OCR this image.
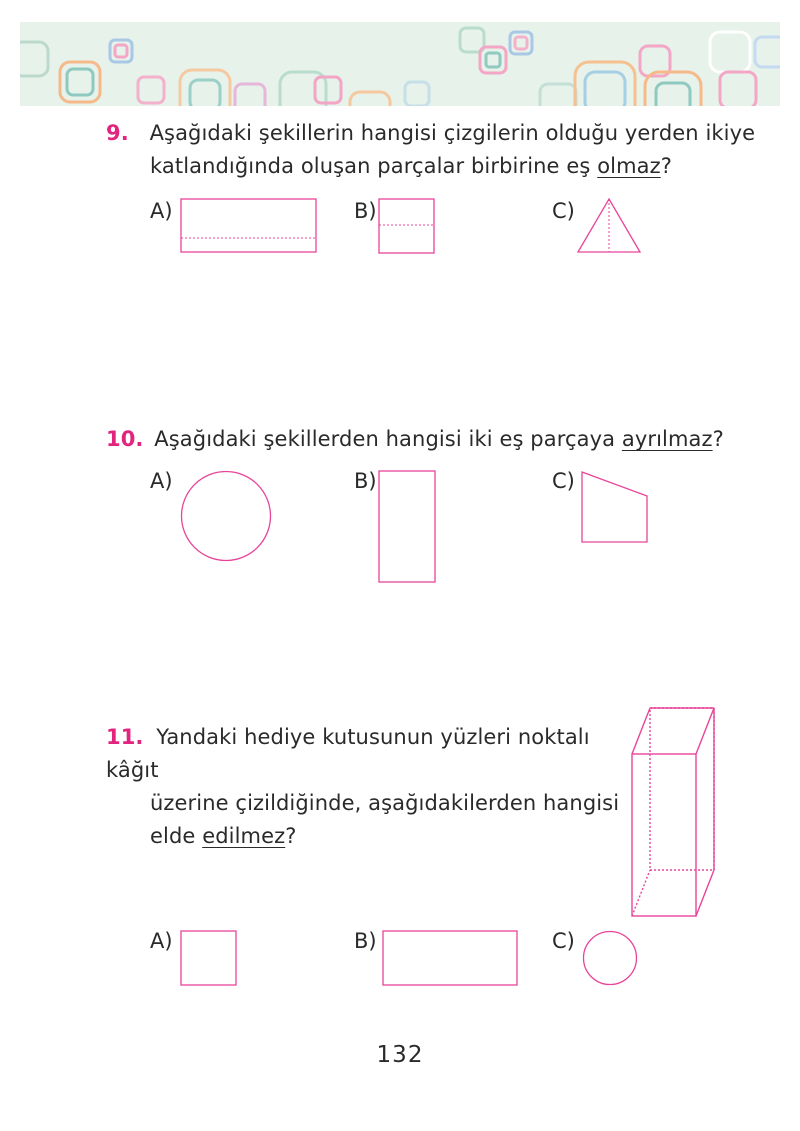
9. Aşağıdaki şekillerin hangisi çizgilerin olduğu yerden ikiye
katlandığında oluşan parçalar birbirine eş olmaz?
A)	B)	C)
10. Aşağıdaki şekillerden hangisi iki eş parçaya ayrılmaz?
A)	B)	C)
11. Yandaki hediye kutusunun yüzleri noktalı kâğıt
üzerine çizildiğinde, aşağıdakilerden hangisi
elde edilmez?
A)	B)	C)
132
